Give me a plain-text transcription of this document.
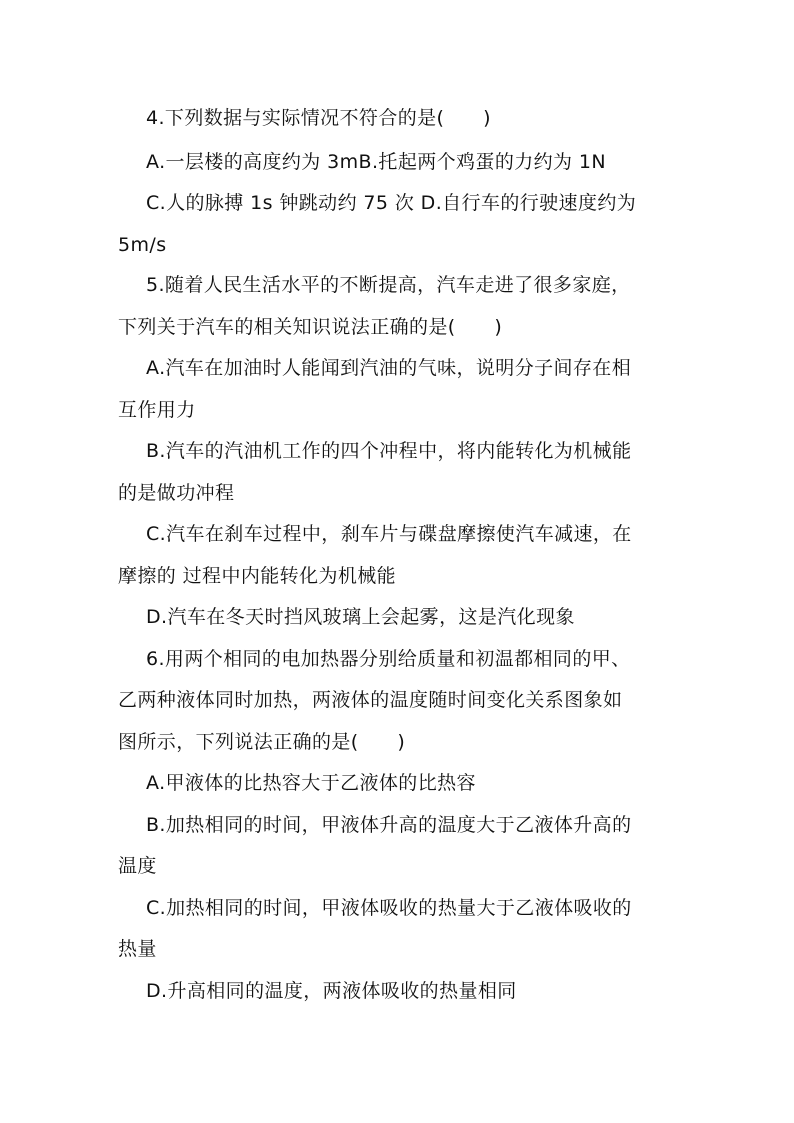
4.下列数据与实际情况不符合的是(　　)
A.一层楼的高度约为 3mB.托起两个鸡蛋的力约为 1N
C.人的脉搏 1s 钟跳动约 75 次 D.自行车的行驶速度约为
5m/s
5.随着人民生活水平的不断提高，汽车走进了很多家庭，
下列关于汽车的相关知识说法正确的是(　　)
A.汽车在加油时人能闻到汽油的气味，说明分子间存在相
互作用力
B.汽车的汽油机工作的四个冲程中，将内能转化为机械能
的是做功冲程
C.汽车在刹车过程中，刹车片与碟盘摩擦使汽车减速，在
摩擦的 过程中内能转化为机械能
D.汽车在冬天时挡风玻璃上会起雾，这是汽化现象
6.用两个相同的电加热器分别给质量和初温都相同的甲、
乙两种液体同时加热，两液体的温度随时间变化关系图象如
图所示，下列说法正确的是(　　)
A.甲液体的比热容大于乙液体的比热容
B.加热相同的时间，甲液体升高的温度大于乙液体升高的
温度
C.加热相同的时间，甲液体吸收的热量大于乙液体吸收的
热量
D.升高相同的温度，两液体吸收的热量相同
